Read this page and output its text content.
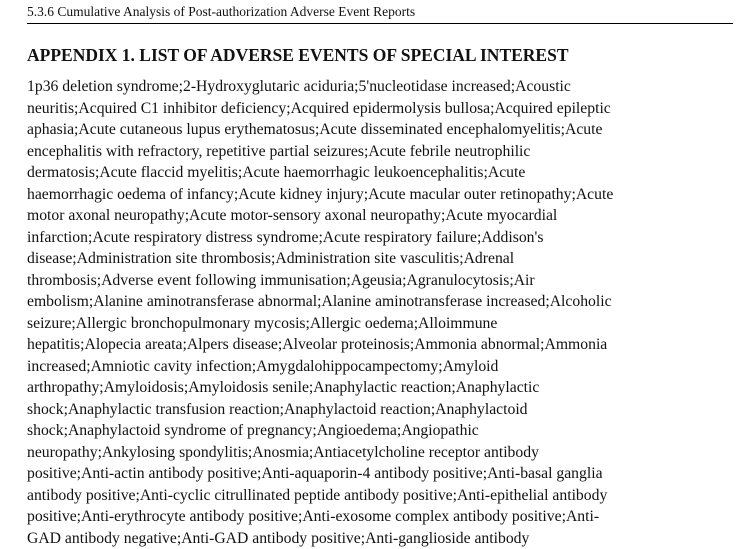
5.3.6 Cumulative Analysis of Post-authorization Adverse Event Reports
APPENDIX 1. LIST OF ADVERSE EVENTS OF SPECIAL INTEREST

1p36 deletion syndrome;2-Hydroxyglutaric aciduria;5'nucleotidase increased;Acoustic
neuritis;Acquired C1 inhibitor deficiency;Acquired epidermolysis bullosa;Acquired epileptic
aphasia;Acute cutaneous lupus erythematosus;Acute disseminated encephalomyelitis;Acute
encephalitis with refractory, repetitive partial seizures;Acute febrile neutrophilic
dermatosis;Acute flaccid myelitis;Acute haemorrhagic leukoencephalitis;Acute
haemorrhagic oedema of infancy;Acute kidney injury;Acute macular outer retinopathy;Acute
motor axonal neuropathy;Acute motor-sensory axonal neuropathy;Acute myocardial
infarction;Acute respiratory distress syndrome;Acute respiratory failure;Addison's
disease;Administration site thrombosis;Administration site vasculitis;Adrenal
thrombosis;Adverse event following immunisation;Ageusia;Agranulocytosis;Air
embolism;Alanine aminotransferase abnormal;Alanine aminotransferase increased;Alcoholic
seizure;Allergic bronchopulmonary mycosis;Allergic oedema;Alloimmune
hepatitis;Alopecia areata;Alpers disease;Alveolar proteinosis;Ammonia abnormal;Ammonia
increased;Amniotic cavity infection;Amygdalohippocampectomy;Amyloid
arthropathy;Amyloidosis;Amyloidosis senile;Anaphylactic reaction;Anaphylactic
shock;Anaphylactic transfusion reaction;Anaphylactoid reaction;Anaphylactoid
shock;Anaphylactoid syndrome of pregnancy;Angioedema;Angiopathic
neuropathy;Ankylosing spondylitis;Anosmia;Antiacetylcholine receptor antibody
positive;Anti-actin antibody positive;Anti-aquaporin-4 antibody positive;Anti-basal ganglia
antibody positive;Anti-cyclic citrullinated peptide antibody positive;Anti-epithelial antibody
positive;Anti-erythrocyte antibody positive;Anti-exosome complex antibody positive;Anti-
GAD antibody negative;Anti-GAD antibody positive;Anti-ganglioside antibody
